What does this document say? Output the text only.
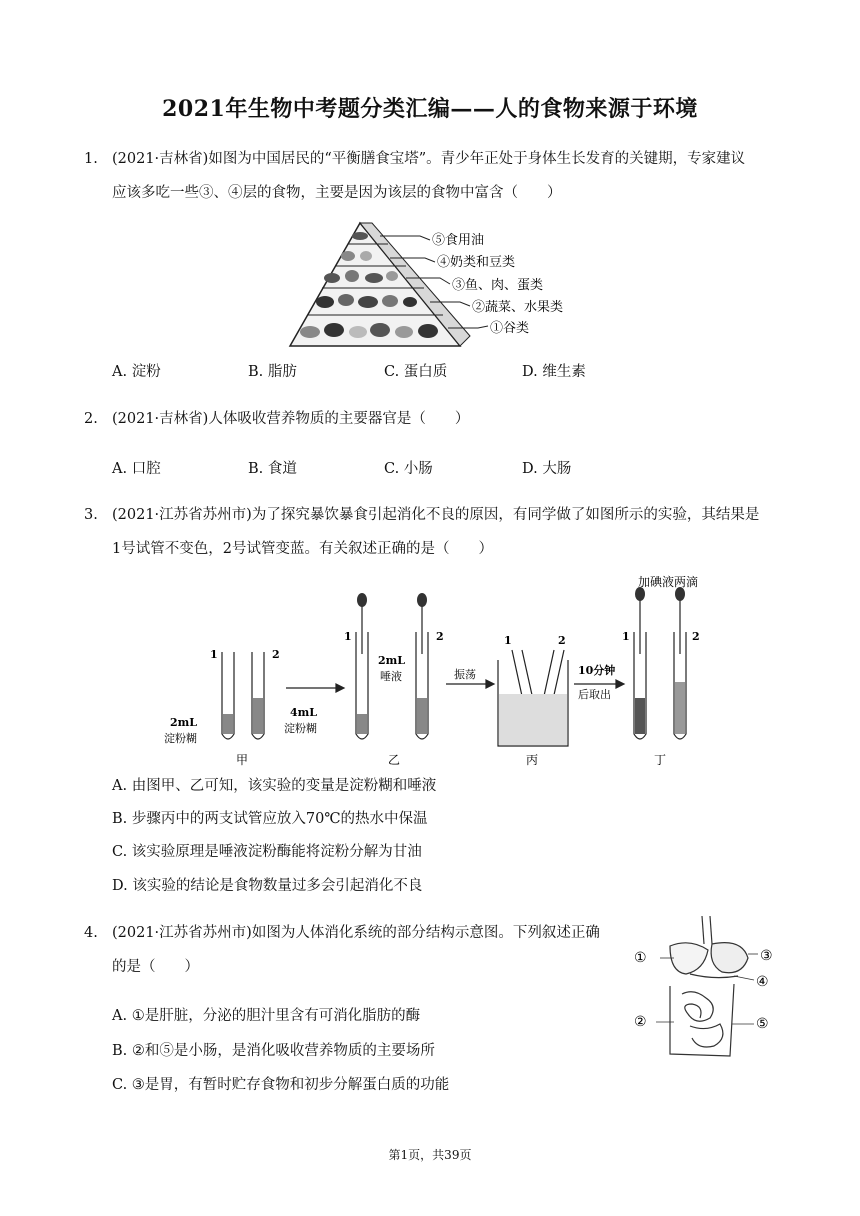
2021年生物中考题分类汇编——人的食物来源于环境
1. (2021·吉林省)如图为中国居民的“平衡膳食宝塔”。青少年正处于身体生长发育的关键期，专家建议
应该多吃一些③、④层的食物，主要是因为该层的食物中富含（　　）
⑤食用油
④奶类和豆类
③鱼、肉、蛋类
②蔬菜、水果类
①谷类
A. 淀粉	B. 脂肪	C. 蛋白质	D. 维生素
2. (2021·吉林省)人体吸收营养物质的主要器官是（　　）
A. 口腔	B. 食道	C. 小肠	D. 大肠
3. (2021·江苏省苏州市)为了探究暴饮暴食引起消化不良的原因，有同学做了如图所示的实验，其结果是
1号试管不变色，2号试管变蓝。有关叙述正确的是（　　）
加碘液两滴
1	2
2mL
淀粉糊
4mL
淀粉糊
1	2
2mL
唾液	振荡
1	2
10分钟
后取出
1	2
甲	乙	丙	丁
A. 由图甲、乙可知，该实验的变量是淀粉糊和唾液
B. 步骤丙中的两支试管应放入70℃的热水中保温
C. 该实验原理是唾液淀粉酶能将淀粉分解为甘油
D. 该实验的结论是食物数量过多会引起消化不良
4. (2021·江苏省苏州市)如图为人体消化系统的部分结构示意图。下列叙述正确
的是（　　）
①
②
③
④
⑤
A. ①是肝脏，分泌的胆汁里含有可消化脂肪的酶
B. ②和⑤是小肠，是消化吸收营养物质的主要场所
C. ③是胃，有暂时贮存食物和初步分解蛋白质的功能
第1页，共39页
